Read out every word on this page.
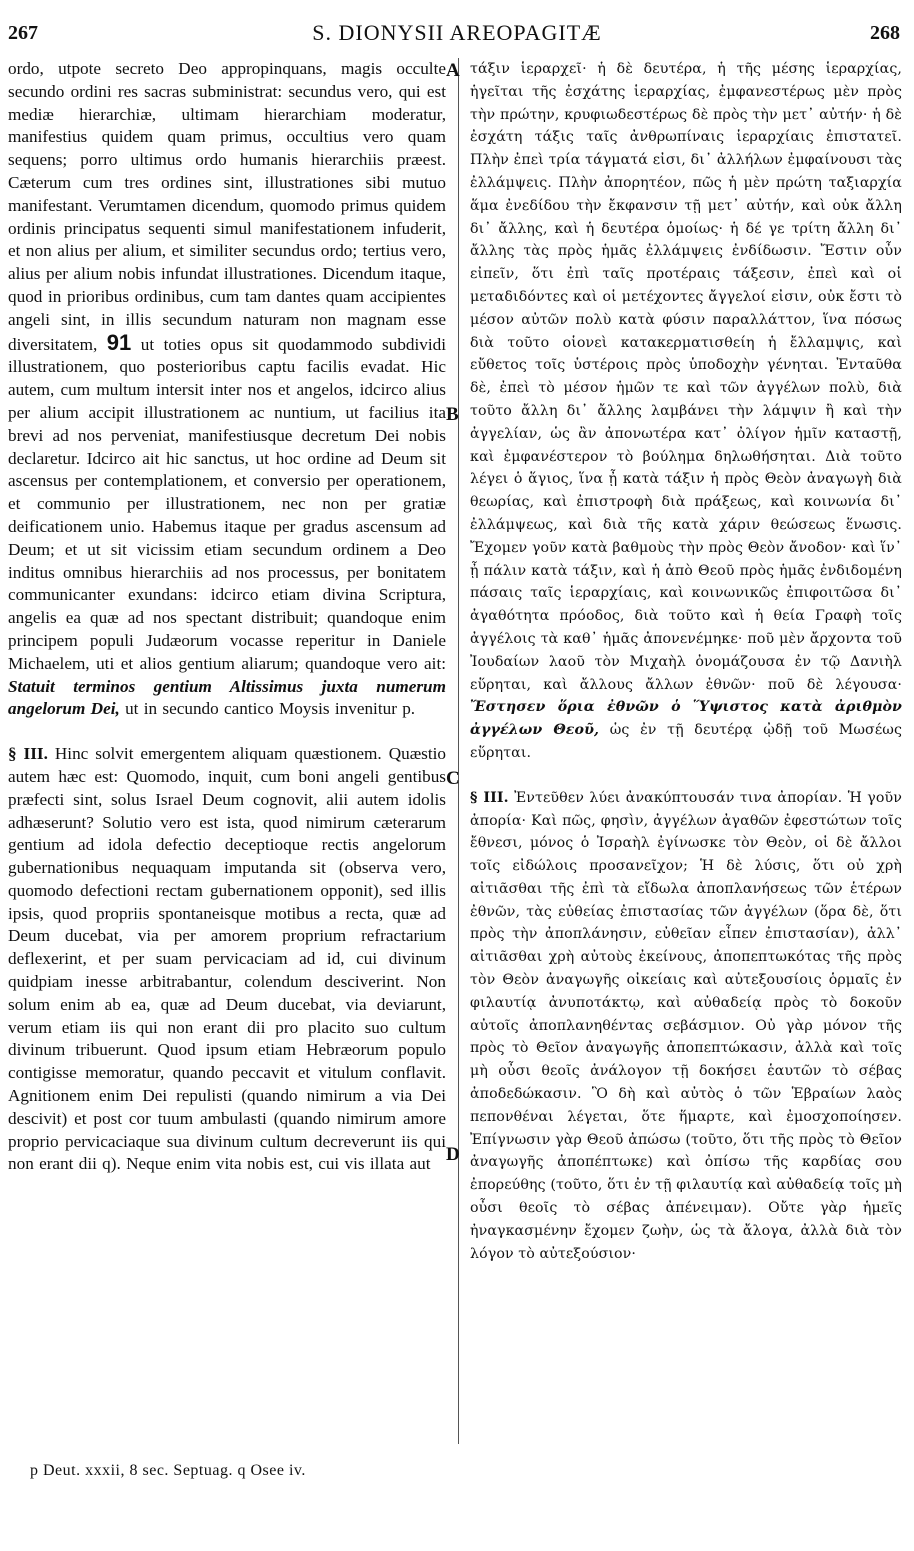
267	S. DIONYSII AREOPAGITÆ	268

ordo, utpote secreto Deo appropinquans, magis occulte secundo ordini res sacras subministrat: secundus vero, qui est mediæ hierarchiæ, ultimam hierarchiam moderatur, manifestius quidem quam primus, occultius vero quam sequens; porro ultimus ordo humanis hierarchiis præest. Cæterum cum tres ordines sint, illustrationes sibi mutuo manifestant. Verumtamen dicendum, quomodo primus quidem ordinis principatus sequenti simul manifestationem infuderit, et non alius per alium, et similiter secundus ordo; tertius vero, alius per alium nobis infundat illustrationes. Dicendum itaque, quod in prioribus ordinibus, cum tam dantes quam accipientes angeli sint, in illis secundum naturam non magnam esse diversitatem, 91 ut toties opus sit quodammodo subdividi illustrationem, quo posterioribus captu facilis evadat. Hic autem, cum multum intersit inter nos et angelos, idcirco alius per alium accipit illustrationem ac nuntium, ut facilius ita brevi ad nos perveniat, manifestiusque decretum Dei nobis declaretur. Idcirco ait hic sanctus, ut hoc ordine ad Deum sit ascensus per contemplationem, et conversio per operationem, et communio per illustrationem, nec non per gratiæ deificationem unio. Habemus itaque per gradus ascensum ad Deum; et ut sit vicissim etiam secundum ordinem a Deo inditus omnibus hierarchiis ad nos processus, per bonitatem communicanter exundans: idcirco etiam divina Scriptura, angelis ea quæ ad nos spectant distribuit; quandoque enim principem populi Judæorum vocasse reperitur in Daniele Michaelem, uti et alios gentium aliarum; quandoque vero ait: Statuit terminos gentium Altissimus juxta numerum angelorum Dei, ut in secundo cantico Moysis invenitur p.

§ III. Hinc solvit emergentem aliquam quæstionem. Quæstio autem hæc est: Quomodo, inquit, cum boni angeli gentibus præfecti sint, solus Israel Deum cognovit, alii autem idolis adhæserunt? Solutio vero est ista, quod nimirum cæterarum gentium ad idola defectio deceptioque rectis angelorum gubernationibus nequaquam imputanda sit (observa vero, quomodo defectioni rectam gubernationem opponit), sed illis ipsis, quod propriis spontaneisque motibus a recta, quæ ad Deum ducebat, via per amorem proprium refractarium deflexerint, et per suam pervicaciam ad id, cui divinum quidpiam inesse arbitrabantur, colendum desciverint. Non solum enim ab ea, quæ ad Deum ducebat, via deviarunt, verum etiam iis qui non erant dii pro placito suo cultum divinum tribuerunt. Quod ipsum etiam Hebræorum populo contigisse memoratur, quando peccavit et vitulum conflavit. Agnitionem enim Dei repulisti (quando nimirum a via Dei descivit) et post cor tuum ambulasti (quando nimirum amore proprio pervicaciaque sua divinum cultum decreverunt iis qui non erant dii q). Neque enim vita nobis est, cui vis illata aut

A
B
C
D

τάξιν ἱεραρχεῖ· ἡ δὲ δευτέρα, ἡ τῆς μέσης ἱεραρχίας, ἡγεῖται τῆς ἐσχάτης ἱεραρχίας, ἐμφανεστέρως μὲν πρὸς τὴν πρώτην, κρυφιωδεστέρως δὲ πρὸς τὴν μετ᾽ αὐτήν· ἡ δὲ ἐσχάτη τάξις ταῖς ἀνθρωπίναις ἱεραρχίαις ἐπιστατεῖ. Πλὴν ἐπεὶ τρία τάγματά εἰσι, δι᾽ ἀλλήλων ἐμφαίνουσι τὰς ἐλλάμψεις. Πλὴν ἀπορητέον, πῶς ἡ μὲν πρώτη ταξιαρχία ἅμα ἐνεδίδου τὴν ἔκφανσιν τῇ μετ᾽ αὐτήν, καὶ οὐκ ἄλλη δι᾽ ἄλλης, καὶ ἡ δευτέρα ὁμοίως· ἡ δέ γε τρίτη ἄλλη δι᾽ ἄλλης τὰς πρὸς ἡμᾶς ἐλλάμψεις ἐνδίδωσιν. Ἔστιν οὖν εἰπεῖν, ὅτι ἐπὶ ταῖς προτέραις τάξεσιν, ἐπεὶ καὶ οἱ μεταδιδόντες καὶ οἱ μετέχοντες ἄγγελοί εἰσιν, οὐκ ἔστι τὸ μέσον αὐτῶν πολὺ κατὰ φύσιν παραλλάττον, ἵνα πόσως διὰ τοῦτο οἱονεὶ κατακερματισθείη ἡ ἔλλαμψις, καὶ εὔθετος τοῖς ὑστέροις πρὸς ὑποδοχὴν γένηται. Ἐνταῦθα δὲ, ἐπεὶ τὸ μέσον ἡμῶν τε καὶ τῶν ἀγγέλων πολὺ, διὰ τοῦτο ἄλλη δι᾽ ἄλλης λαμβάνει τὴν λάμψιν ἢ καὶ τὴν ἀγγελίαν, ὡς ἂν ἀπονωτέρα κατ᾽ ὀλίγον ἡμῖν καταστῇ, καὶ ἐμφανέστερον τὸ βούλημα δηλωθήσηται. Διὰ τοῦτο λέγει ὁ ἅγιος, ἵνα ᾖ κατὰ τάξιν ἡ πρὸς Θεὸν ἀναγωγὴ διὰ θεωρίας, καὶ ἐπιστροφὴ διὰ πράξεως, καὶ κοινωνία δι᾽ ἐλλάμψεως, καὶ διὰ τῆς κατὰ χάριν θεώσεως ἕνωσις. Ἔχομεν γοῦν κατὰ βαθμοὺς τὴν πρὸς Θεὸν ἄνοδον· καὶ ἵν᾽ ᾖ πάλιν κατὰ τάξιν, καὶ ἡ ἀπὸ Θεοῦ πρὸς ἡμᾶς ἐνδιδομένη πάσαις ταῖς ἱεραρχίαις, καὶ κοινωνικῶς ἐπιφοιτῶσα δι᾽ ἀγαθότητα πρόοδος, διὰ τοῦτο καὶ ἡ θεία Γραφὴ τοῖς ἀγγέλοις τὰ καθ᾽ ἡμᾶς ἀπονενέμηκε· ποῦ μὲν ἄρχοντα τοῦ Ἰουδαίων λαοῦ τὸν Μιχαὴλ ὀνομάζουσα ἐν τῷ Δανιὴλ εὕρηται, καὶ ἄλλους ἄλλων ἐθνῶν· ποῦ δὲ λέγουσα· Ἔστησεν ὅρια ἐθνῶν ὁ Ὕψιστος κατὰ ἀριθμὸν ἀγγέλων Θεοῦ, ὡς ἐν τῇ δευτέρᾳ ᾠδῇ τοῦ Μωσέως εὕρηται.

§ III. Ἐντεῦθεν λύει ἀνακύπτουσάν τινα ἀπορίαν. Ἡ γοῦν ἀπορία· Καὶ πῶς, φησὶν, ἀγγέλων ἀγαθῶν ἐφεστώτων τοῖς ἔθνεσι, μόνος ὁ Ἰσραὴλ ἐγίνωσκε τὸν Θεὸν, οἱ δὲ ἄλλοι τοῖς εἰδώλοις προσανεῖχον; Ἡ δὲ λύσις, ὅτι οὐ χρὴ αἰτιᾶσθαι τῆς ἐπὶ τὰ εἴδωλα ἀποπλανήσεως τῶν ἑτέρων ἐθνῶν, τὰς εὐθείας ἐπιστασίας τῶν ἀγγέλων (ὅρα δὲ, ὅτι πρὸς τὴν ἀποπλάνησιν, εὐθεῖαν εἶπεν ἐπιστασίαν), ἀλλ᾽ αἰτιᾶσθαι χρὴ αὐτοὺς ἐκείνους, ἀποπεπτωκότας τῆς πρὸς τὸν Θεὸν ἀναγωγῆς οἰκείαις καὶ αὐτεξουσίοις ὁρμαῖς ἐν φιλαυτίᾳ ἀνυποτάκτῳ, καὶ αὐθαδείᾳ πρὸς τὸ δοκοῦν αὐτοῖς ἀποπλανηθέντας σεβάσμιον. Οὐ γὰρ μόνον τῆς πρὸς τὸ Θεῖον ἀναγωγῆς ἀποπεπτώκασιν, ἀλλὰ καὶ τοῖς μὴ οὖσι θεοῖς ἀνάλογον τῇ δοκήσει ἑαυτῶν τὸ σέβας ἀποδεδώκασιν. Ὃ δὴ καὶ αὐτὸς ὁ τῶν Ἑβραίων λαὸς πεπονθέναι λέγεται, ὅτε ἥμαρτε, καὶ ἐμοσχοποίησεν. Ἐπίγνωσιν γὰρ Θεοῦ ἀπώσω (τοῦτο, ὅτι τῆς πρὸς τὸ Θεῖον ἀναγωγῆς ἀποπέπτωκε) καὶ ὀπίσω τῆς καρδίας σου ἐπορεύθης (τοῦτο, ὅτι ἐν τῇ φιλαυτίᾳ καὶ αὐθαδείᾳ τοῖς μὴ οὖσι θεοῖς τὸ σέβας ἀπένειμαν). Οὔτε γὰρ ἡμεῖς ἠναγκασμένην ἔχομεν ζωὴν, ὡς τὰ ἄλογα, ἀλλὰ διὰ τὸν λόγον τὸ αὐτεξούσιον·

p Deut. xxxii, 8 sec. Septuag. q Osee iv.
